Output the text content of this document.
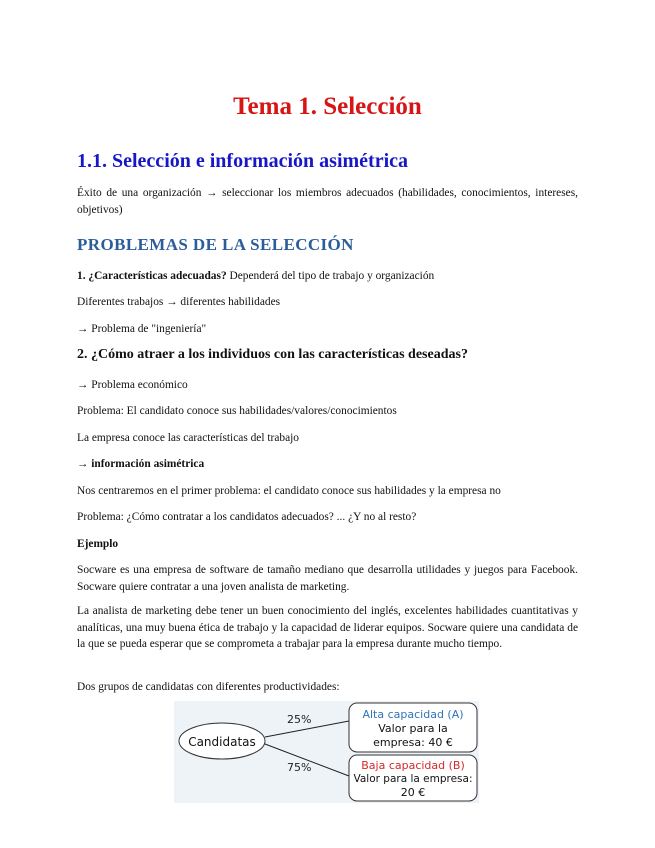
Tema 1. Selección
1.1. Selección e información asimétrica

Éxito de una organización → seleccionar los miembros adecuados (habilidades, conocimientos, intereses, objetivos)

PROBLEMAS DE LA SELECCIÓN

1. ¿Características adecuadas? Dependerá del tipo de trabajo y organización

Diferentes trabajos → diferentes habilidades

→ Problema de "ingeniería"

2. ¿Cómo atraer a los individuos con las características deseadas?

→ Problema económico

Problema: El candidato conoce sus habilidades/valores/conocimientos

La empresa conoce las características del trabajo

→ información asimétrica

Nos centraremos en el primer problema: el candidato conoce sus habilidades y la empresa no

Problema: ¿Cómo contratar a los candidatos adecuados? ... ¿Y no al resto?

Ejemplo

Socware es una empresa de software de tamaño mediano que desarrolla utilidades y juegos para Facebook. Socware quiere contratar a una joven analista de marketing.

La analista de marketing debe tener un buen conocimiento del inglés, excelentes habilidades cuantitativas y analíticas, una muy buena ética de trabajo y la capacidad de liderar equipos. Socware quiere una candidata de la que se pueda esperar que se comprometa a trabajar para la empresa durante mucho tiempo.

Dos grupos de candidatas con diferentes productividades:

Candidatas
25%
75%
Alta capacidad (A)
Valor para la
empresa: 40 €
Baja capacidad (B)
Valor para la empresa:
20 €
